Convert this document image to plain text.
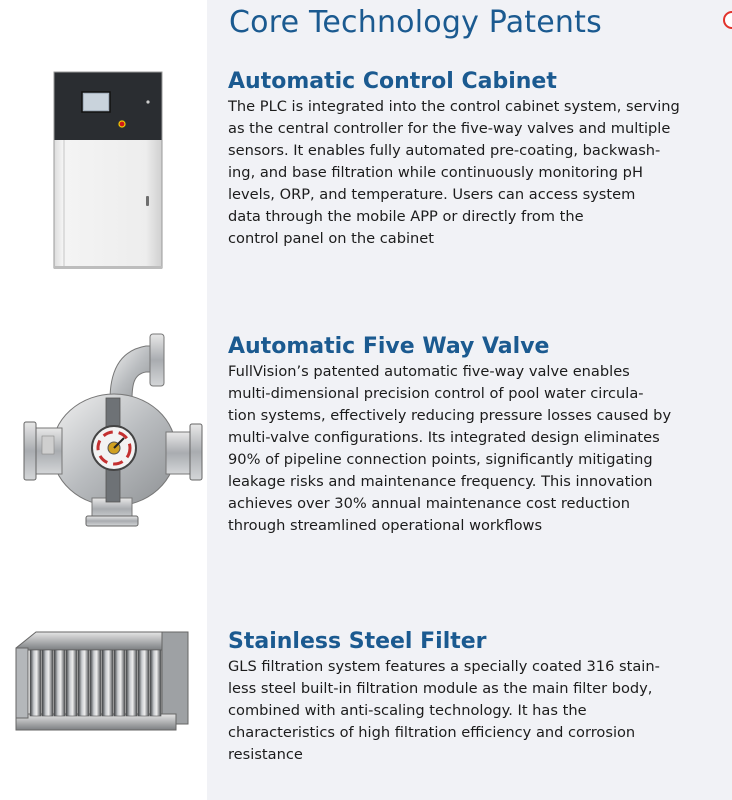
Core Technology Patents
Automatic Control Cabinet
The PLC is integrated into the control cabinet system, serving
as the central controller for the five-way valves and multiple
sensors. It enables fully automated pre-coating, backwash-
ing, and base filtration while continuously monitoring pH
levels, ORP, and temperature. Users can access system
data through the mobile APP or directly from the
control panel on the cabinet
Automatic Five Way Valve
FullVision’s patented automatic five-way valve enables
multi-dimensional precision control of pool water circula-
tion systems, effectively reducing pressure losses caused by
multi-valve configurations. Its integrated design eliminates
90% of pipeline connection points, significantly mitigating
leakage risks and maintenance frequency. This innovation
achieves over 30% annual maintenance cost reduction
through streamlined operational workflows
Stainless Steel Filter
GLS filtration system features a specially coated 316 stain-
less steel built-in filtration module as the main filter body,
combined with anti-scaling technology. It has the
characteristics of high filtration efficiency and corrosion
resistance
